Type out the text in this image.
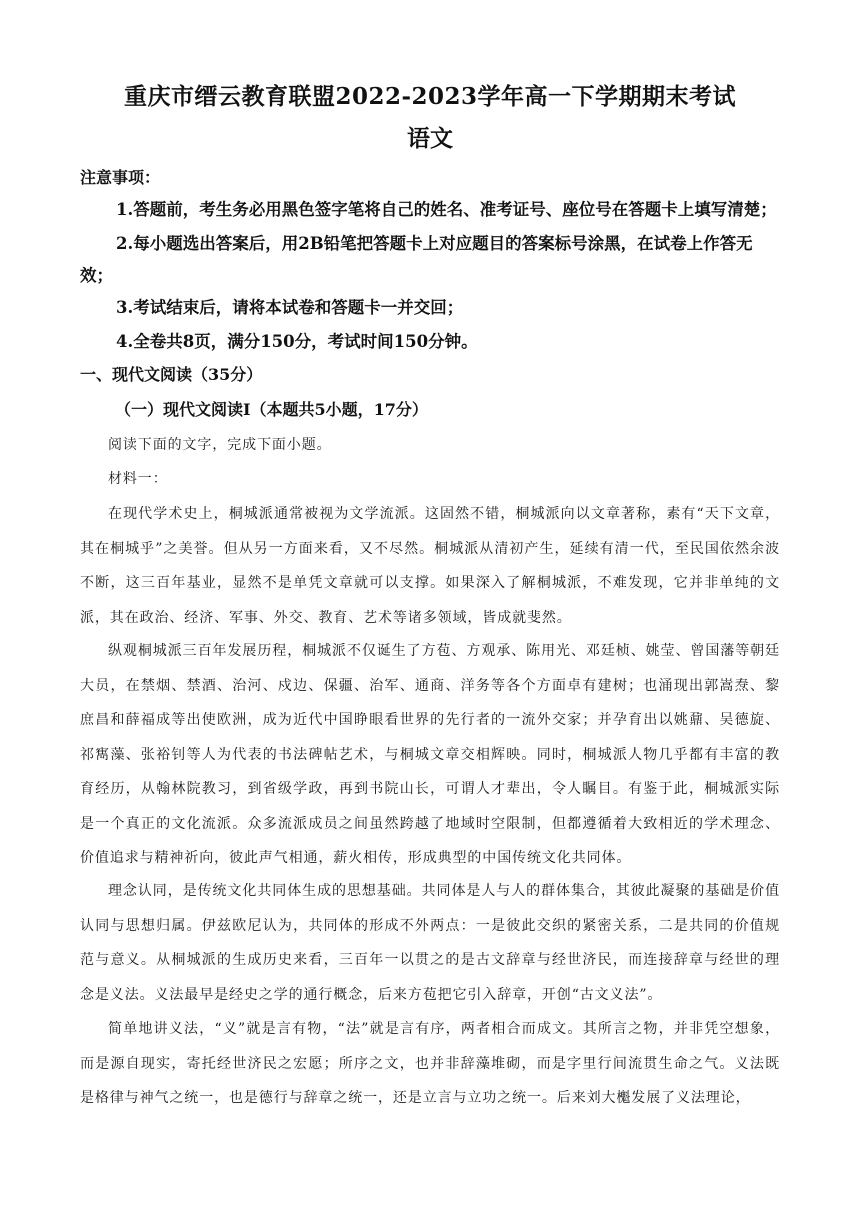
重庆市缙云教育联盟2022-2023学年高一下学期期末考试
语文
注意事项：
1.答题前，考生务必用黑色签字笔将自己的姓名、准考证号、座位号在答题卡上填写清楚；
2.每小题选出答案后，用2B铅笔把答题卡上对应题目的答案标号涂黑，在试卷上作答无效；
3.考试结束后，请将本试卷和答题卡一并交回；
4.全卷共8页，满分150分，考试时间150分钟。
一、现代文阅读（35分）
（一）现代文阅读Ⅰ（本题共5小题，17分）
阅读下面的文字，完成下面小题。
材料一：
在现代学术史上，桐城派通常被视为文学流派。这固然不错，桐城派向以文章著称，素有“天下文章，其在桐城乎”之美誉。但从另一方面来看，又不尽然。桐城派从清初产生，延续有清一代，至民国依然余波不断，这三百年基业，显然不是单凭文章就可以支撑。如果深入了解桐城派，不难发现，它并非单纯的文派，其在政治、经济、军事、外交、教育、艺术等诸多领域，皆成就斐然。
纵观桐城派三百年发展历程，桐城派不仅诞生了方苞、方观承、陈用光、邓廷桢、姚莹、曾国藩等朝廷大员，在禁烟、禁酒、治河、戍边、保疆、治军、通商、洋务等各个方面卓有建树；也涌现出郭嵩焘、黎庶昌和薛福成等出使欧洲，成为近代中国睁眼看世界的先行者的一流外交家；并孕育出以姚鼐、吴德旋、祁寯藻、张裕钊等人为代表的书法碑帖艺术，与桐城文章交相辉映。同时，桐城派人物几乎都有丰富的教育经历，从翰林院教习，到省级学政，再到书院山长，可谓人才辈出，令人瞩目。有鉴于此，桐城派实际是一个真正的文化流派。众多流派成员之间虽然跨越了地域时空限制，但都遵循着大致相近的学术理念、价值追求与精神祈向，彼此声气相通，薪火相传，形成典型的中国传统文化共同体。
理念认同，是传统文化共同体生成的思想基础。共同体是人与人的群体集合，其彼此凝聚的基础是价值认同与思想归属。伊兹欧尼认为，共同体的形成不外两点：一是彼此交织的紧密关系，二是共同的价值规范与意义。从桐城派的生成历史来看，三百年一以贯之的是古文辞章与经世济民，而连接辞章与经世的理念是义法。义法最早是经史之学的通行概念，后来方苞把它引入辞章，开创“古文义法”。
简单地讲义法，“义”就是言有物，“法”就是言有序，两者相合而成文。其所言之物，并非凭空想象，而是源自现实，寄托经世济民之宏愿；所序之文，也并非辞藻堆砌，而是字里行间流贯生命之气。义法既是格律与神气之统一，也是德行与辞章之统一，还是立言与立功之统一。后来刘大櫆发展了义法理论，
